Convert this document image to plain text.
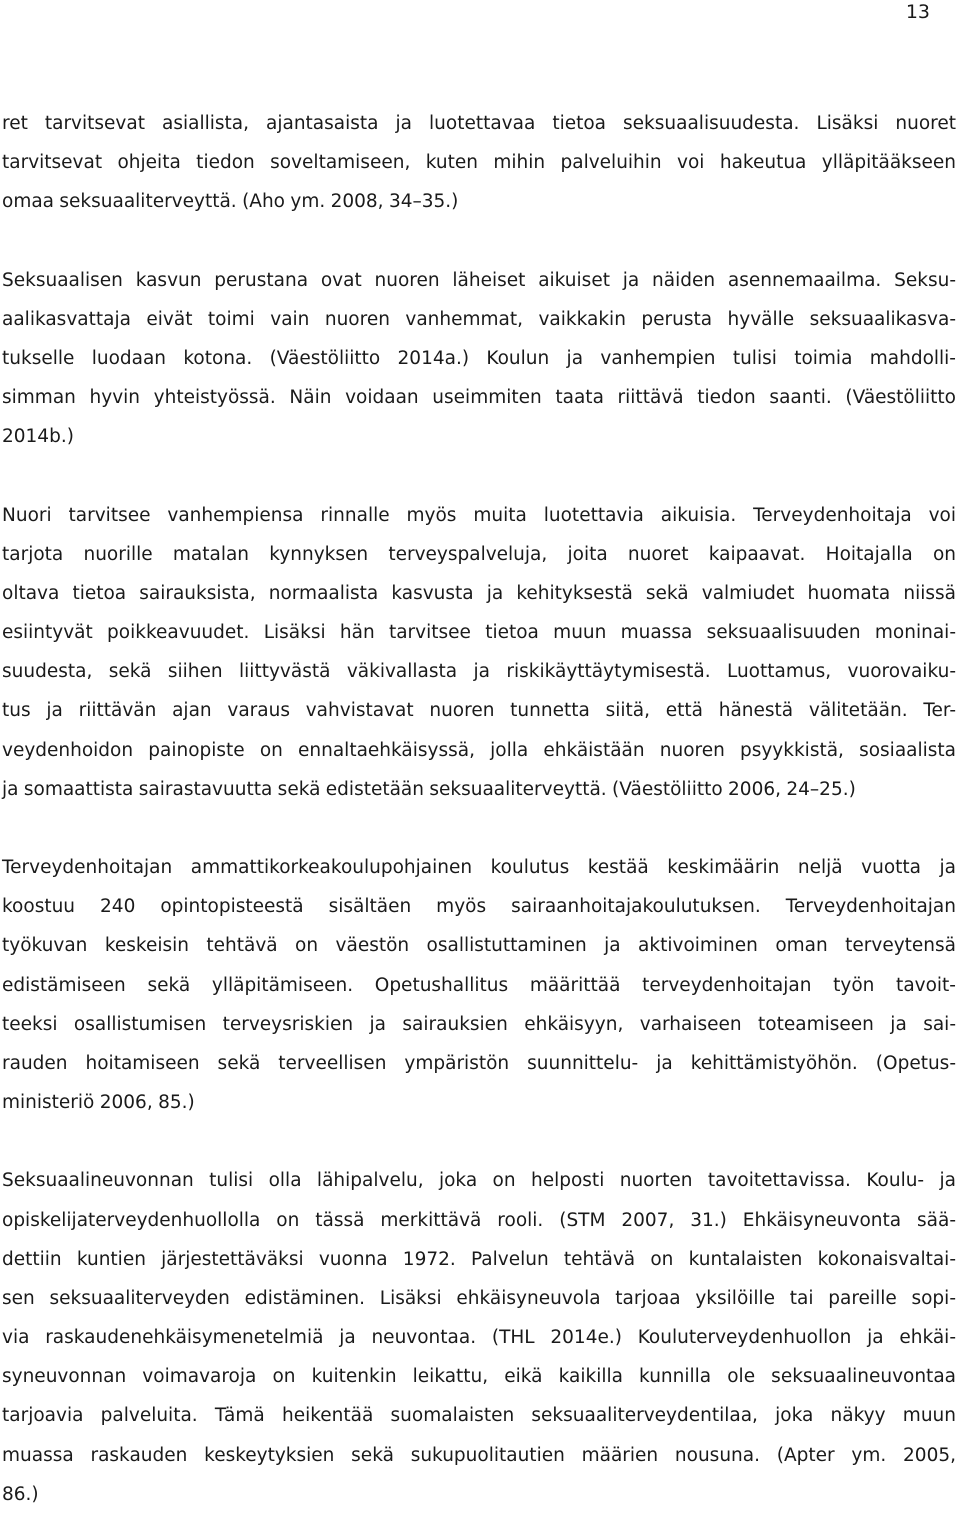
13

ret tarvitsevat asiallista, ajantasaista ja luotettavaa tietoa seksuaalisuudesta. Lisäksi nuoret
tarvitsevat ohjeita tiedon soveltamiseen, kuten mihin palveluihin voi hakeutua ylläpitääkseen
omaa seksuaaliterveyttä. (Aho ym. 2008, 34–35.)

Seksuaalisen kasvun perustana ovat nuoren läheiset aikuiset ja näiden asennemaailma. Seksu-
aalikasvattaja eivät toimi vain nuoren vanhemmat, vaikkakin perusta hyvälle seksuaalikasva-
tukselle luodaan kotona. (Väestöliitto 2014a.) Koulun ja vanhempien tulisi toimia mahdolli-
simman hyvin yhteistyössä. Näin voidaan useimmiten taata riittävä tiedon saanti. (Väestöliitto
2014b.)

Nuori tarvitsee vanhempiensa rinnalle myös muita luotettavia aikuisia. Terveydenhoitaja voi
tarjota nuorille matalan kynnyksen terveyspalveluja, joita nuoret kaipaavat. Hoitajalla on
oltava tietoa sairauksista, normaalista kasvusta ja kehityksestä sekä valmiudet huomata niissä
esiintyvät poikkeavuudet. Lisäksi hän tarvitsee tietoa muun muassa seksuaalisuuden moninai-
suudesta, sekä siihen liittyvästä väkivallasta ja riskikäyttäytymisestä. Luottamus, vuorovaiku-
tus ja riittävän ajan varaus vahvistavat nuoren tunnetta siitä, että hänestä välitetään. Ter-
veydenhoidon painopiste on ennaltaehkäisyssä, jolla ehkäistään nuoren psyykkistä, sosiaalista
ja somaattista sairastavuutta sekä edistetään seksuaaliterveyttä. (Väestöliitto 2006, 24–25.)

Terveydenhoitajan ammattikorkeakoulupohjainen koulutus kestää keskimäärin neljä vuotta ja
koostuu 240 opintopisteestä sisältäen myös sairaanhoitajakoulutuksen. Terveydenhoitajan
työkuvan keskeisin tehtävä on väestön osallistuttaminen ja aktivoiminen oman terveytensä
edistämiseen sekä ylläpitämiseen. Opetushallitus määrittää terveydenhoitajan työn tavoit-
teeksi osallistumisen terveysriskien ja sairauksien ehkäisyyn, varhaiseen toteamiseen ja sai-
rauden hoitamiseen sekä terveellisen ympäristön suunnittelu- ja kehittämistyöhön. (Opetus-
ministeriö 2006, 85.)

Seksuaalineuvonnan tulisi olla lähipalvelu, joka on helposti nuorten tavoitettavissa. Koulu- ja
opiskelijaterveydenhuollolla on tässä merkittävä rooli. (STM 2007, 31.) Ehkäisyneuvonta sää-
dettiin kuntien järjestettäväksi vuonna 1972. Palvelun tehtävä on kuntalaisten kokonaisvaltai-
sen seksuaaliterveyden edistäminen. Lisäksi ehkäisyneuvola tarjoaa yksilöille tai pareille sopi-
via raskaudenehkäisymenetelmiä ja neuvontaa. (THL 2014e.) Kouluterveydenhuollon ja ehkäi-
syneuvonnan voimavaroja on kuitenkin leikattu, eikä kaikilla kunnilla ole seksuaalineuvontaa
tarjoavia palveluita. Tämä heikentää suomalaisten seksuaaliterveydentilaa, joka näkyy muun
muassa raskauden keskeytyksien sekä sukupuolitautien määrien nousuna. (Apter ym. 2005,
86.)
